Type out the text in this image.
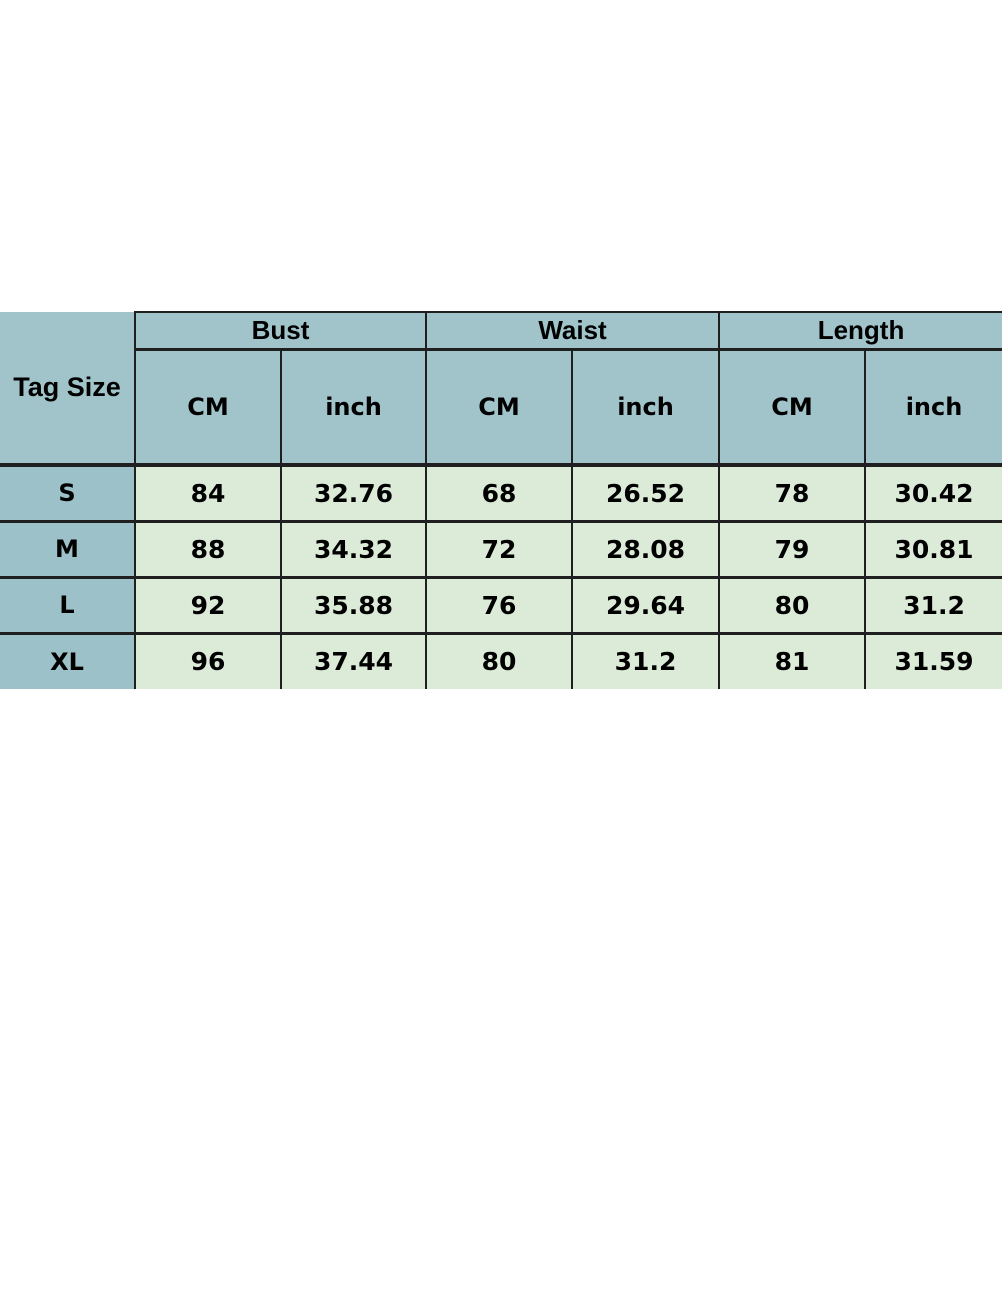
Tag Size	Bust		Waist		Length	
	CM	inch	CM	inch	CM	inch
S	84	32.76	68	26.52	78	30.42
M	88	34.32	72	28.08	79	30.81
L	92	35.88	76	29.64	80	31.2
XL	96	37.44	80	31.2	81	31.59
